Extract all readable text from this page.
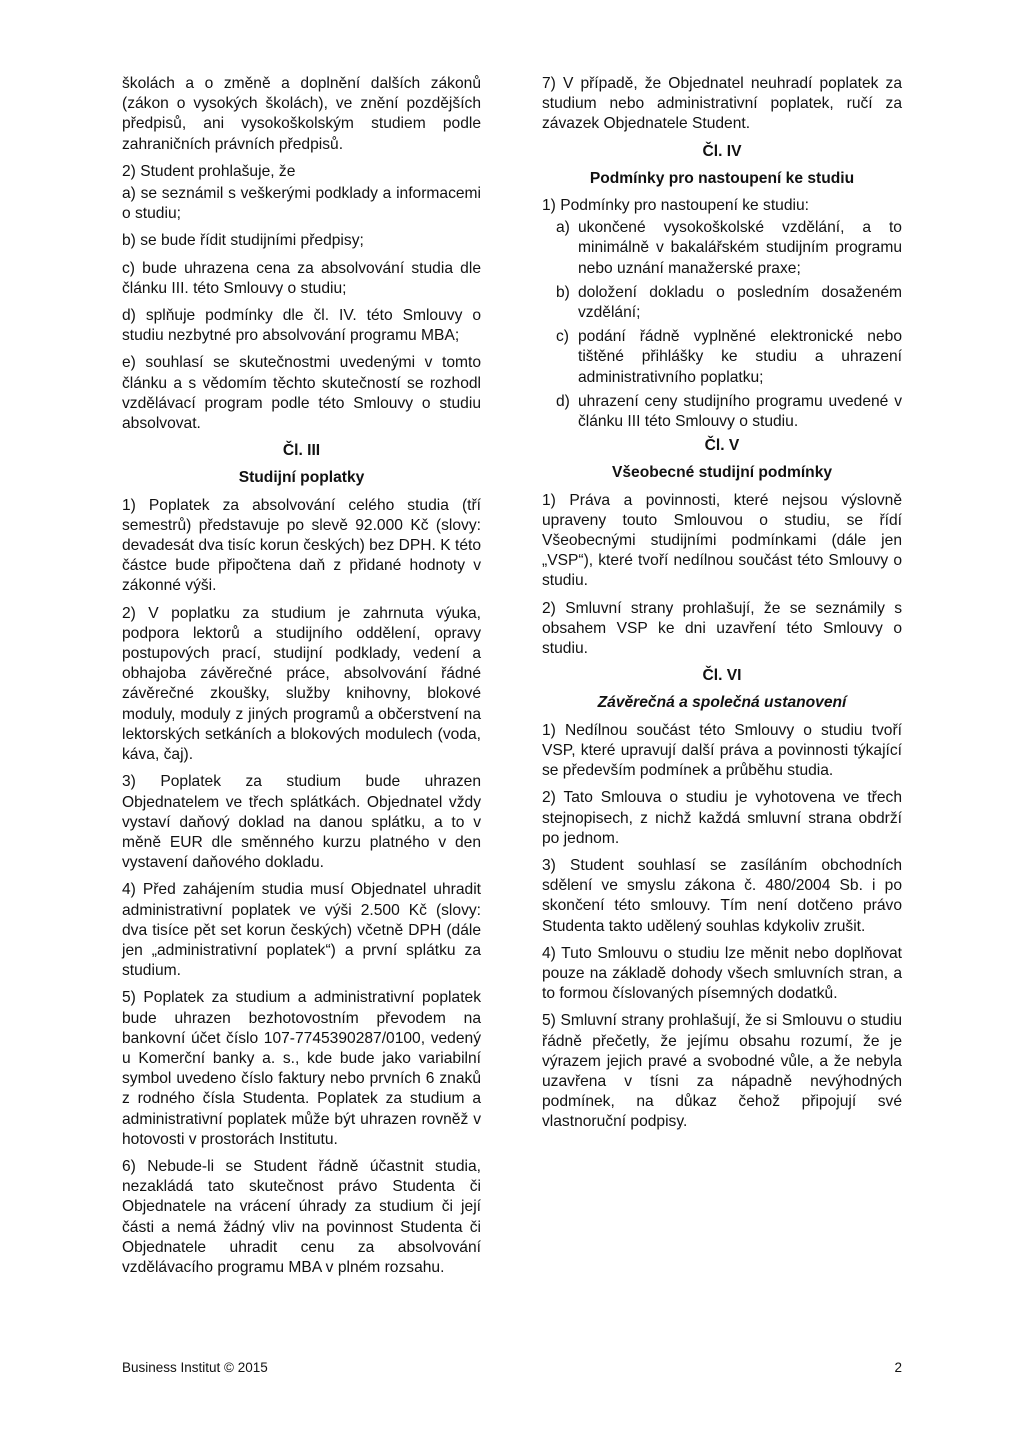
školách a o změně a doplnění dalších zákonů (zákon o vysokých školách), ve znění pozdějších předpisů, ani vysokoškolským studiem podle zahraničních právních předpisů.

2) Student prohlašuje, že

a) se seznámil s veškerými podklady a informacemi o studiu;

b) se bude řídit studijními předpisy;

c) bude uhrazena cena za absolvování studia dle článku III. této Smlouvy o studiu;

d) splňuje podmínky dle čl. IV. této Smlouvy o studiu nezbytné pro absolvování programu MBA;

e) souhlasí se skutečnostmi uvedenými v tomto článku a s vědomím těchto skutečností se rozhodl vzdělávací program podle této Smlouvy o studiu absolvovat.

Čl. III

Studijní poplatky

1) Poplatek za absolvování celého studia (tří semestrů) představuje po slevě 92.000 Kč (slovy: devadesát dva tisíc korun českých) bez DPH. K této částce bude připočtena daň z přidané hodnoty v zákonné výši.

2) V poplatku za studium je zahrnuta výuka, podpora lektorů a studijního oddělení, opravy postupových prací, studijní podklady, vedení a obhajoba závěrečné práce, absolvování řádné závěrečné zkoušky, služby knihovny, blokové moduly, moduly z jiných programů a občerstvení na lektorských setkáních a blokových modulech (voda, káva, čaj).

3) Poplatek za studium bude uhrazen Objednatelem ve třech splátkách. Objednatel vždy vystaví daňový doklad na danou splátku, a to v měně EUR dle směnného kurzu platného v den vystavení daňového dokladu.

4) Před zahájením studia musí Objednatel uhradit administrativní poplatek ve výši 2.500 Kč (slovy: dva tisíce pět set korun českých) včetně DPH (dále jen „administrativní poplatek“) a první splátku za studium.

5) Poplatek za studium a administrativní poplatek bude uhrazen bezhotovostním převodem na bankovní účet číslo 107-7745390287/0100, vedený u Komerční banky a. s., kde bude jako variabilní symbol uvedeno číslo faktury nebo prvních 6 znaků z rodného čísla Studenta. Poplatek za studium a administrativní poplatek může být uhrazen rovněž v hotovosti v prostorách Institutu.

6) Nebude-li se Student řádně účastnit studia, nezakládá tato skutečnost právo Studenta či Objednatele na vrácení úhrady za studium či její části a nemá žádný vliv na povinnost Studenta či Objednatele uhradit cenu za absolvování vzdělávacího programu MBA v plném rozsahu.

7) V případě, že Objednatel neuhradí poplatek za studium nebo administrativní poplatek, ručí za závazek Objednatele Student.

Čl. IV

Podmínky pro nastoupení ke studiu

1) Podmínky pro nastoupení ke studiu:

a) ukončené vysokoškolské vzdělání, a to minimálně v bakalářském studijním programu nebo uznání manažerské praxe;
b) doložení dokladu o posledním dosaženém vzdělání;
c) podání řádně vyplněné elektronické nebo tištěné přihlášky ke studiu a uhrazení administrativního poplatku;
d) uhrazení ceny studijního programu uvedené v článku III této Smlouvy o studiu.

Čl. V

Všeobecné studijní podmínky

1) Práva a povinnosti, které nejsou výslovně upraveny touto Smlouvou o studiu, se řídí Všeobecnými studijními podmínkami (dále jen „VSP“), které tvoří nedílnou součást této Smlouvy o studiu.

2) Smluvní strany prohlašují, že se seznámily s obsahem VSP ke dni uzavření této Smlouvy o studiu.

Čl. VI

Závěrečná a společná ustanovení

1) Nedílnou součást této Smlouvy o studiu tvoří VSP, které upravují další práva a povinnosti týkající se především podmínek a průběhu studia.

2) Tato Smlouva o studiu je vyhotovena ve třech stejnopisech, z nichž každá smluvní strana obdrží po jednom.

3) Student souhlasí se zasíláním obchodních sdělení ve smyslu zákona č. 480/2004 Sb. i po skončení této smlouvy. Tím není dotčeno právo Studenta takto udělený souhlas kdykoliv zrušit.

4) Tuto Smlouvu o studiu lze měnit nebo doplňovat pouze na základě dohody všech smluvních stran, a to formou číslovaných písemných dodatků.

5) Smluvní strany prohlašují, že si Smlouvu o studiu řádně přečetly, že jejímu obsahu rozumí, že je výrazem jejich pravé a svobodné vůle, a že nebyla uzavřena v tísni za nápadně nevýhodných podmínek, na důkaz čehož připojují své vlastnoruční podpisy.

Business Institut © 2015	2
